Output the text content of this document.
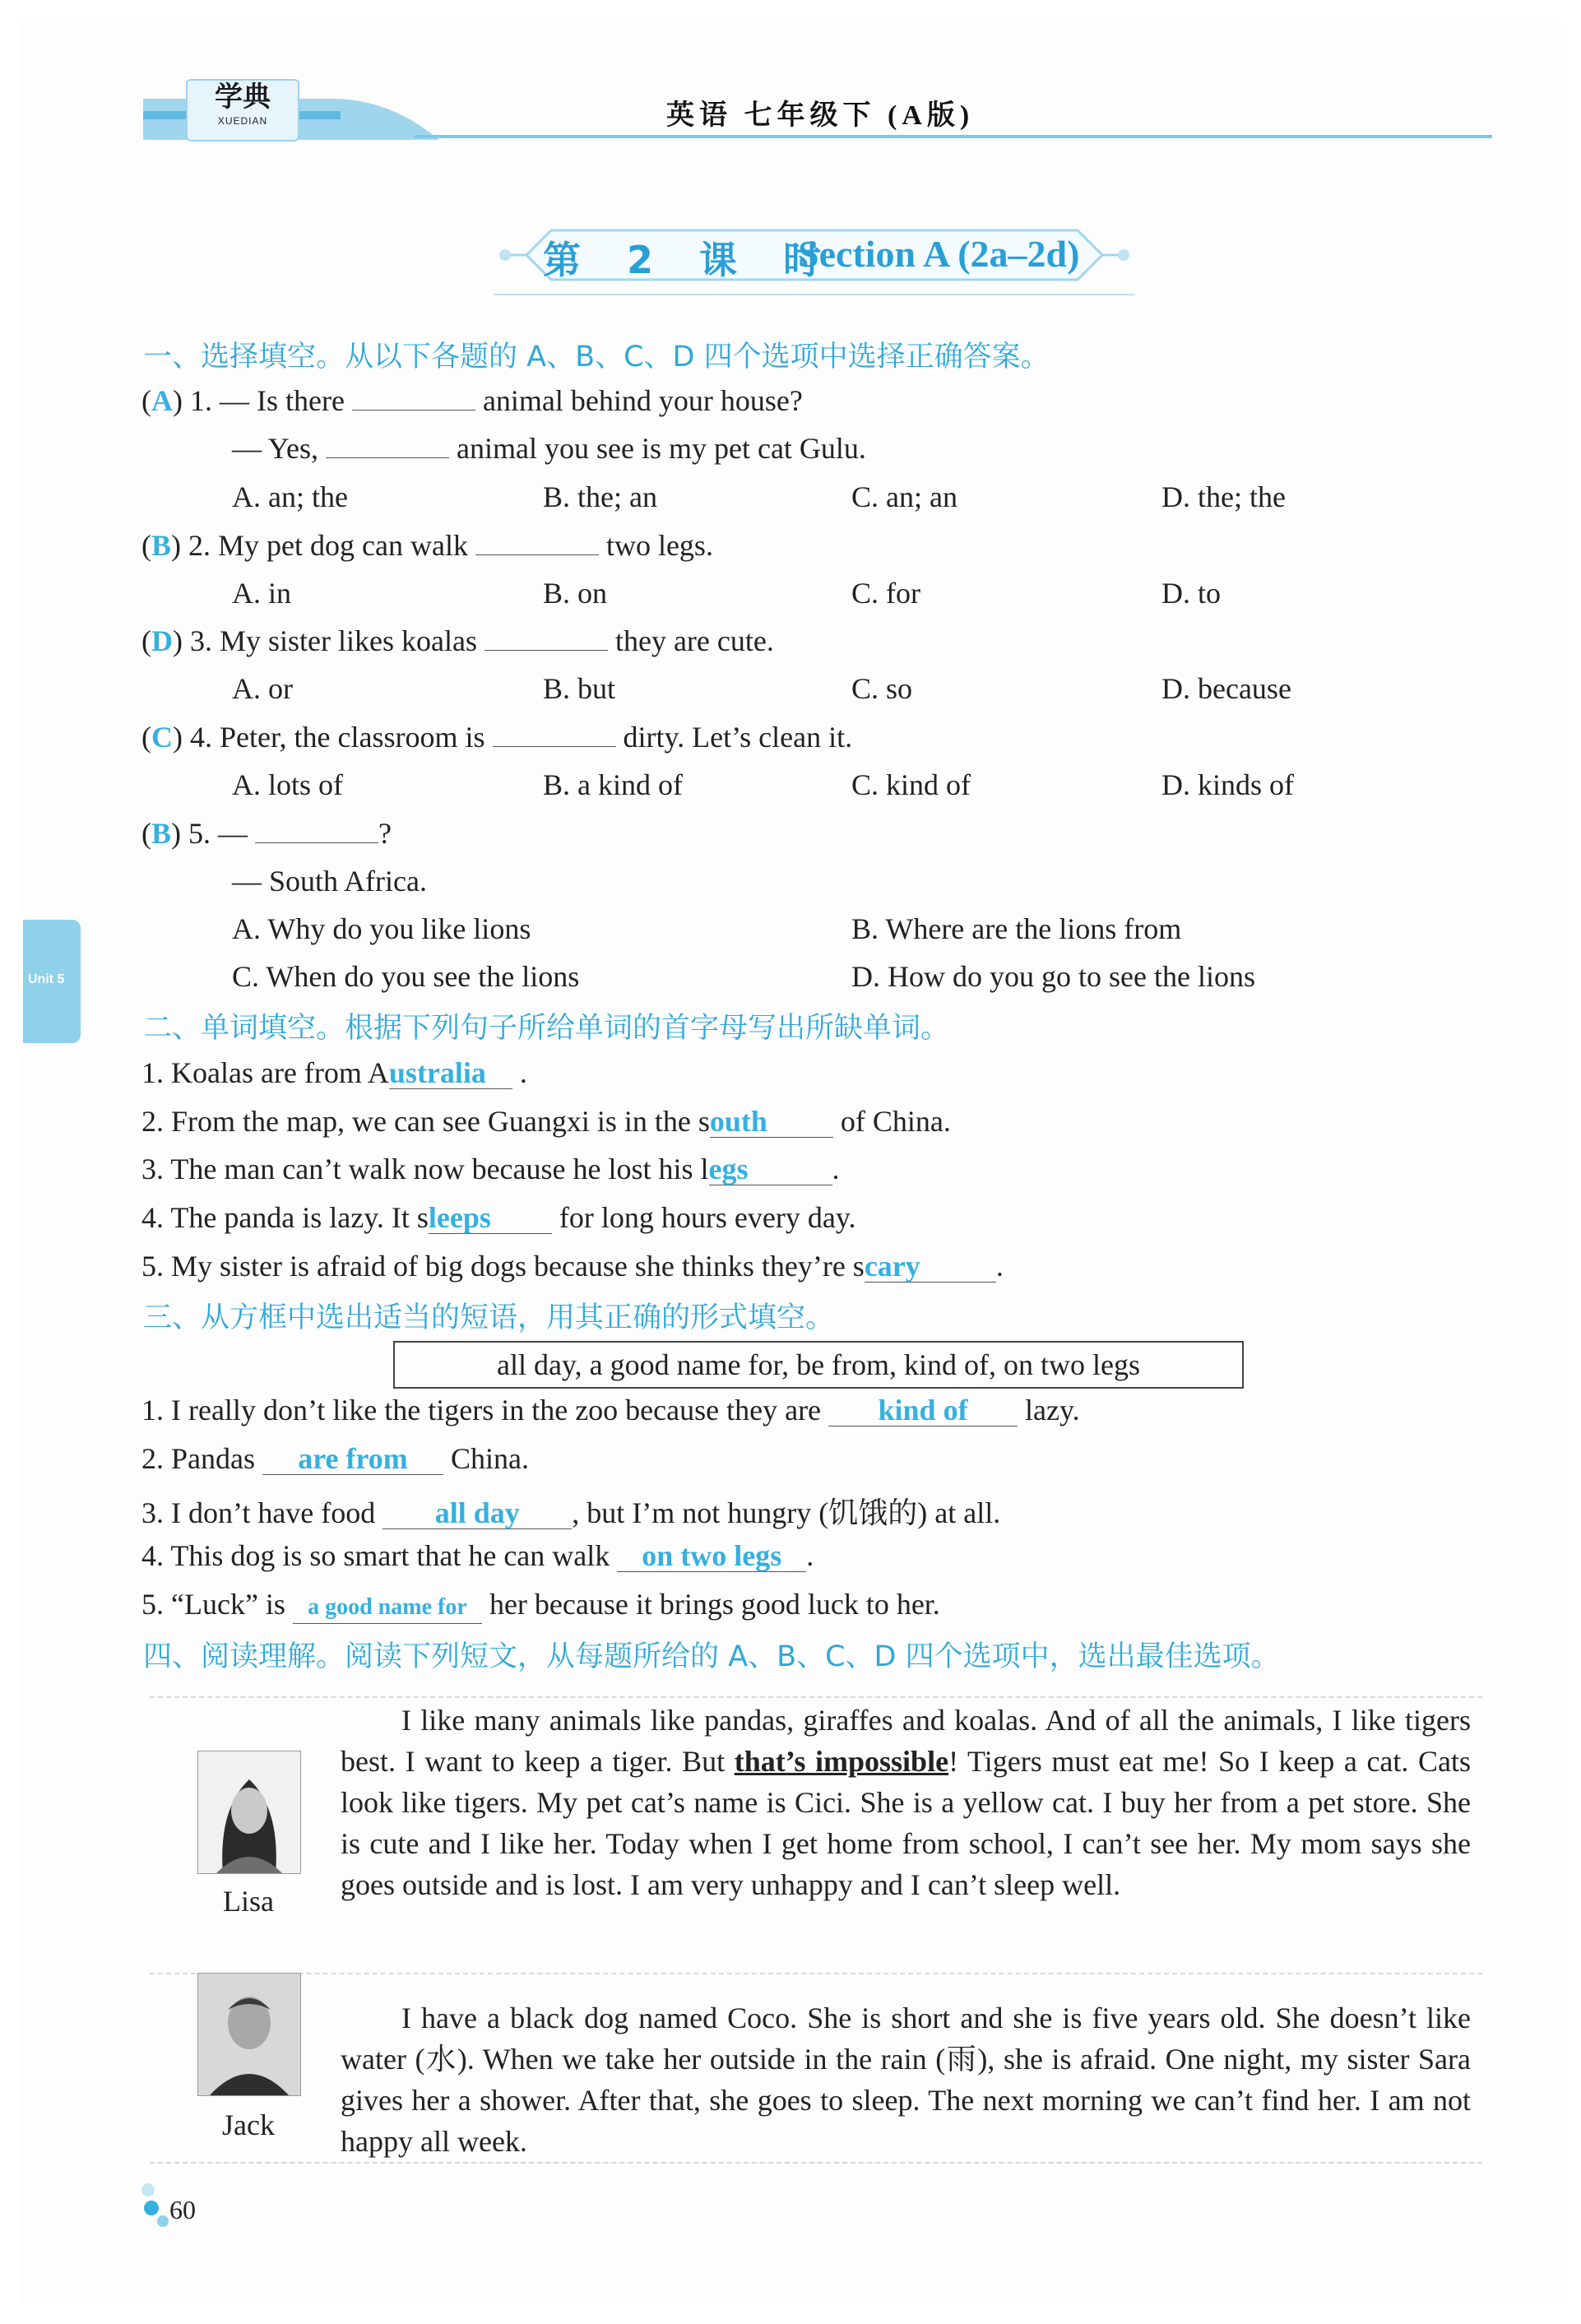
学典
XUEDIAN	英语 七年级下 (A版)
第 2 课 时
Section A (2a–2d)
Unit 5
一、选择填空。从以下各题的 A、B、C、D 四个选项中选择正确答案。
(A) 1. — Is there	animal behind your house?
— Yes,	animal you see is my pet cat Gulu.
A. an; the	B. the; an	C. an; an	D. the; the
(B) 2. My pet dog can walk	two legs.
A. in	B. on	C. for	D. to
(D) 3. My sister likes koalas	they are cute.
A. or	B. but	C. so	D. because
(C) 4. Peter, the classroom is	dirty. Let’s clean it.
A. lots of	B. a kind of	C. kind of	D. kinds of
(B) 5. —	?
— South Africa.
A. Why do you like lions	B. Where are the lions from
C. When do you see the lions	D. How do you go to see the lions
二、单词填空。根据下列句子所给单词的首字母写出所缺单词。
1. Koalas are from Australia .
2. From the map, we can see Guangxi is in the south of China.
3. The man can’t walk now because he lost his legs	.
4. The panda is lazy. It sleeps for long hours every day.
5. My sister is afraid of big dogs because she thinks they’re scary	.
三、从方框中选出适当的短语，用其正确的形式填空。
all day, a good name for, be from, kind of, on two legs
1. I really don’t like the tigers in the zoo because they are kind of lazy.
2. Pandas are from China.
3. I don’t have food all day , but I’m not hungry (饥饿的) at all.
4. This dog is so smart that he can walk on two legs .
5. “Luck” is a good name for her because it brings good luck to her.
四、阅读理解。阅读下列短文，从每题所给的 A、B、C、D 四个选项中，选出最佳选项。
Lisa
I like many animals like pandas, giraffes and koalas. And of all the animals, I like tigers best. I want to keep a tiger. But that’s impossible! Tigers must eat me! So I keep a cat. Cats look like tigers. My pet cat’s name is Cici. She is a yellow cat. I buy her from a pet store. She is cute and I like her. Today when I get home from school, I can’t see her. My mom says she goes outside and is lost. I am very unhappy and I can’t sleep well.
Jack
I have a black dog named Coco. She is short and she is five years old. She doesn’t like water (水). When we take her outside in the rain (雨), she is afraid. One night, my sister Sara gives her a shower. After that, she goes to sleep. The next morning we can’t find her. I am not happy all week.
60
